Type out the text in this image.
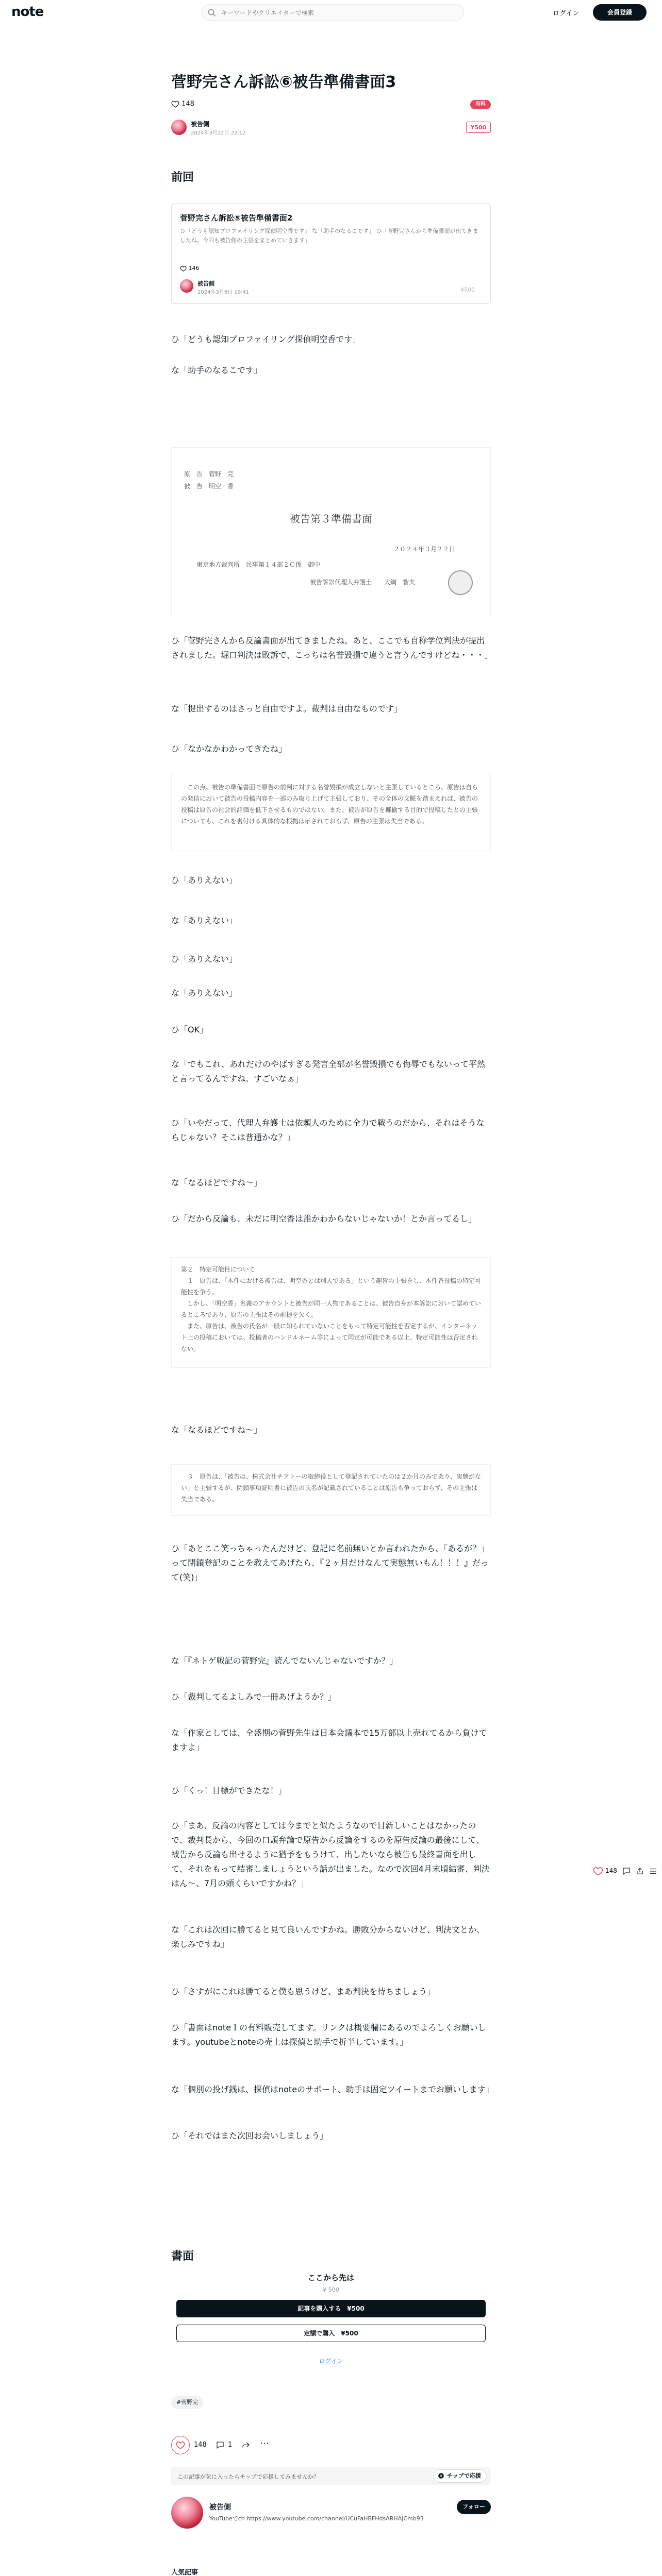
note
キーワードやクリエイターで検索	ログイン	会員登録
菅野完さん訴訟⑥被告準備書面3
148	有料
被告側
2024年3月22日 22:12
¥500
前回
菅野完さん訴訟⑤被告準備書面2

ひ「どうも認知プロファイリング探偵明空香です」 な「助手のなるこです」 ひ「菅野完さんから準備書面が出てきましたね。今回も被告側の主張をまとめていきます」

146
被告側
2024年3月9日 19:41	¥500

ひ「どうも認知プロファイリング探偵明空香です」

な「助手のなるこです」

原　告　菅野　完

被　告　明空　香

被告第３準備書面

２０２４年３月２２日

東京地方裁判所　民事第１４部２Ｃ係　御中

被告訴訟代理人弁護士　　大綱　智夫

ひ「菅野完さんから反論書面が出てきましたね。あと、ここでも自称学位判決が提出されました。堀口判決は敗訴で、こっちは名誉毀損で違うと言うんですけどね・・・」

な「提出するのはさっと自由ですよ。裁判は自由なものです」

ひ「なかなかわかってきたね」

　この点、被告の準備書面で原告の前判に対する名誉毀損が成立しないと主張しているところ、原告は自らの発信において被告の投稿内容を一部のみ取り上げて主張しており、その全体の文脈を踏まえれば、被告の投稿は原告の社会的評価を低下させるものではない。また、被告が原告を揶揄する目的で投稿したとの主張についても、これを裏付ける具体的な根拠は示されておらず、原告の主張は失当である。

ひ「ありえない」

な「ありえない」

ひ「ありえない」

な「ありえない」

ひ「OK」

な「でもこれ、あれだけのやばすぎる発言全部が名誉毀損でも侮辱でもないって平然と言ってるんですね。すごいなぁ」

ひ「いやだって、代理人弁護士は依頼人のために全力で戦うのだから、それはそうならじゃない？そこは普通かな？」

な「なるほどですね〜」

ひ「だから反論も、未だに明空香は誰かわからないじゃないか！とか言ってるし」

第２　特定可能性について

　１　原告は、「本件における被告は、明空香とは別人である」という趣旨の主張をし、本件各投稿の特定可能性を争う。

　しかし、「明空香」名義のアカウントと被告が同一人物であることは、被告自身が本訴訟において認めているところであり、原告の主張はその前提を欠く。

　また、原告は、被告の氏名が一般に知られていないことをもって特定可能性を否定するが、インターネット上の投稿においては、投稿者のハンドルネーム等によって同定が可能である以上、特定可能性は否定されない。

な「なるほどですね〜」

　３　原告は、「被告は、株式会社チアトーの取締役として登記されていたのは２か月のみであり、実態がない」と主張するが、閉鎖事項証明書に被告の氏名が記載されていることは原告も争っておらず、その主張は失当である。

ひ「あとここ笑っちゃったんだけど、登記に名前無いとか言われたから、「あるが？」って閉鎖登記のことを教えてあげたら、『２ヶ月だけなんて実態無いもん！！！』だって(笑)」

な「『ネトゲ戦記の菅野完』読んでないんじゃないですか？」

ひ「裁判してるよしみで一冊あげようか？」

な「作家としては、全盛期の菅野先生は日本会議本で15万部以上売れてるから負けてますよ」

ひ「くっ！目標ができたな！」

ひ「まあ、反論の内容としては今までと似たようなので目新しいことはなかったので、裁判長から、今回の口頭弁論で原告から反論をするのを原告反論の最後にして、被告から反論も出せるように猶予をもうけて、出したいなら被告も最終書面を出して、それをもって結審しましょうという話が出ました。なので次回4月末頃結審、判決はん〜、7月の頭くらいですかね？」

な「これは次回に勝てると見て良いんですかね。勝敗分からないけど、判決文とか、楽しみですね」

ひ「さすがにこれは勝てると僕も思うけど、まあ判決を待ちましょう」

ひ「書面はnote１の有料販売してます。リンクは概要欄にあるのでよろしくお願いします。youtubeとnoteの売上は探偵と助手で折半しています。」

な「個別の投げ銭は、探偵はnoteのサポート、助手は固定ツイートまでお願いします」

ひ「それではまた次回お会いしましょう」

148
書面
ここから先は
¥ 500
記事を購入する　¥500
定額で購入　¥500
ログイン
#菅野完
148	1	⋯
この記事が気に入ったらチップで応援してみませんか？	チップで応援
被告側	フォロー
YouTubeでch https://www.youtube.com/channel/UCuFaHBFHdsARHAJCmb93
人気記事
